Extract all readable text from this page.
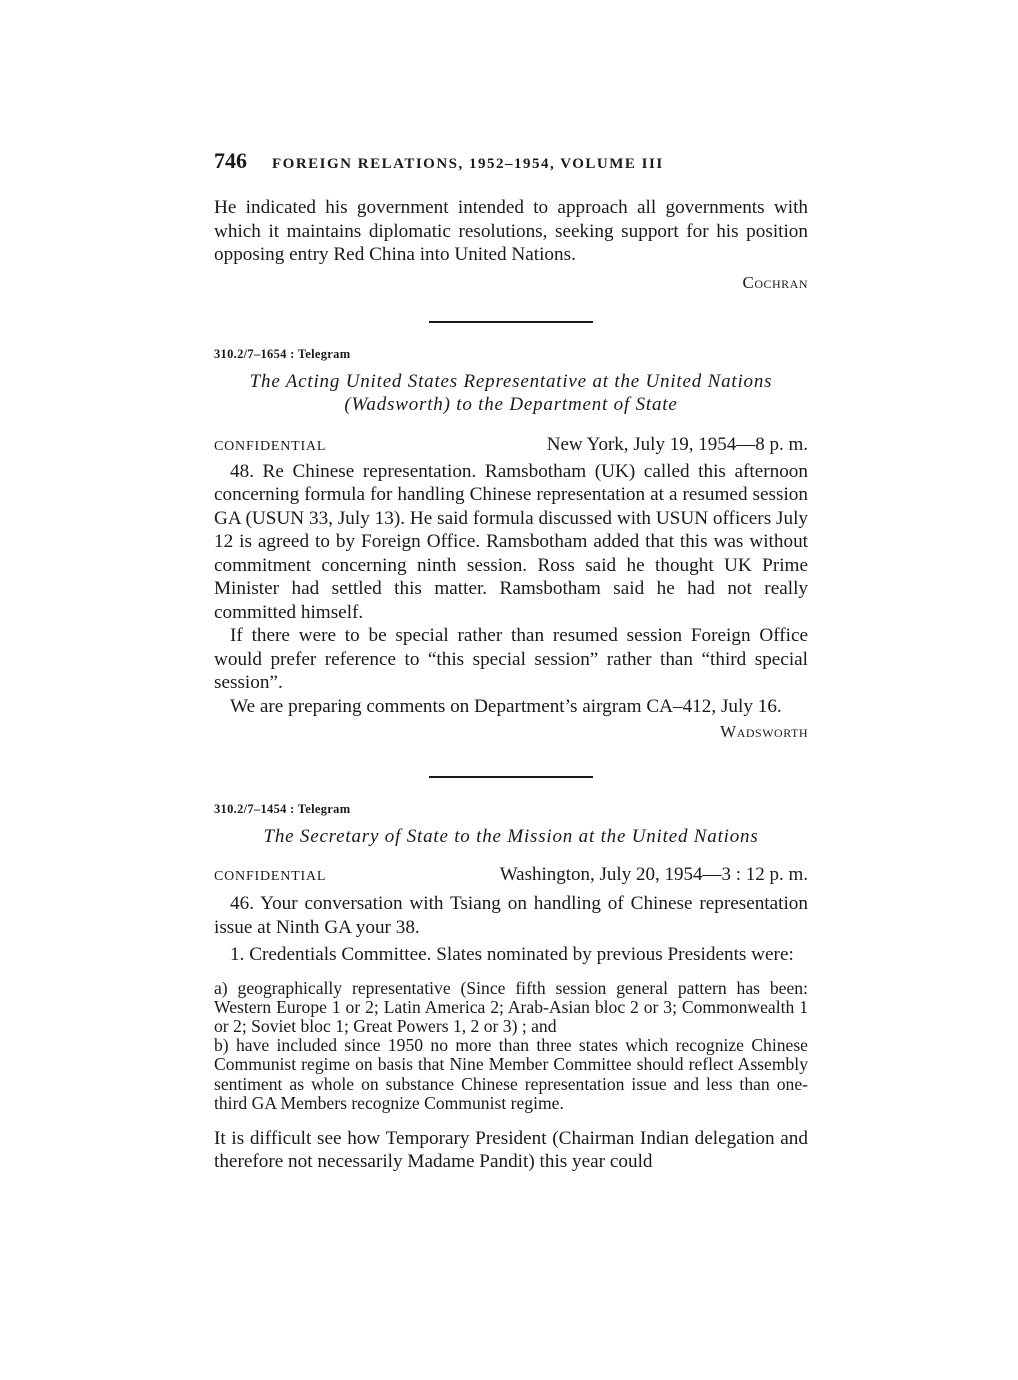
746	FOREIGN RELATIONS, 1952–1954, VOLUME III

He indicated his government intended to approach all governments with which it maintains diplomatic resolutions, seeking support for his position opposing entry Red China into United Nations.

Cochran
310.2/7–1654 : Telegram
The Acting United States Representative at the United Nations
(Wadsworth) to the Department of State
CONFIDENTIAL	New York, July 19, 1954—8 p. m.

48. Re Chinese representation. Ramsbotham (UK) called this afternoon concerning formula for handling Chinese representation at a resumed session GA (USUN 33, July 13). He said formula discussed with USUN officers July 12 is agreed to by Foreign Office. Ramsbotham added that this was without commitment concerning ninth session. Ross said he thought UK Prime Minister had settled this matter. Ramsbotham said he had not really committed himself.

If there were to be special rather than resumed session Foreign Office would prefer reference to “this special session” rather than “third special session”.

We are preparing comments on Department’s airgram CA–412, July 16.

Wadsworth
310.2/7–1454 : Telegram
The Secretary of State to the Mission at the United Nations
CONFIDENTIAL	Washington, July 20, 1954—3 : 12 p. m.

46. Your conversation with Tsiang on handling of Chinese representation issue at Ninth GA your 38.

1. Credentials Committee. Slates nominated by previous Presidents were:

a) geographically representative (Since fifth session general pattern has been: Western Europe 1 or 2; Latin America 2; Arab-Asian bloc 2 or 3; Commonwealth 1 or 2; Soviet bloc 1; Great Powers 1, 2 or 3) ; and

b) have included since 1950 no more than three states which recognize Chinese Communist regime on basis that Nine Member Committee should reflect Assembly sentiment as whole on substance Chinese representation issue and less than one-third GA Members recognize Communist regime.

It is difficult see how Temporary President (Chairman Indian delegation and therefore not necessarily Madame Pandit) this year could
